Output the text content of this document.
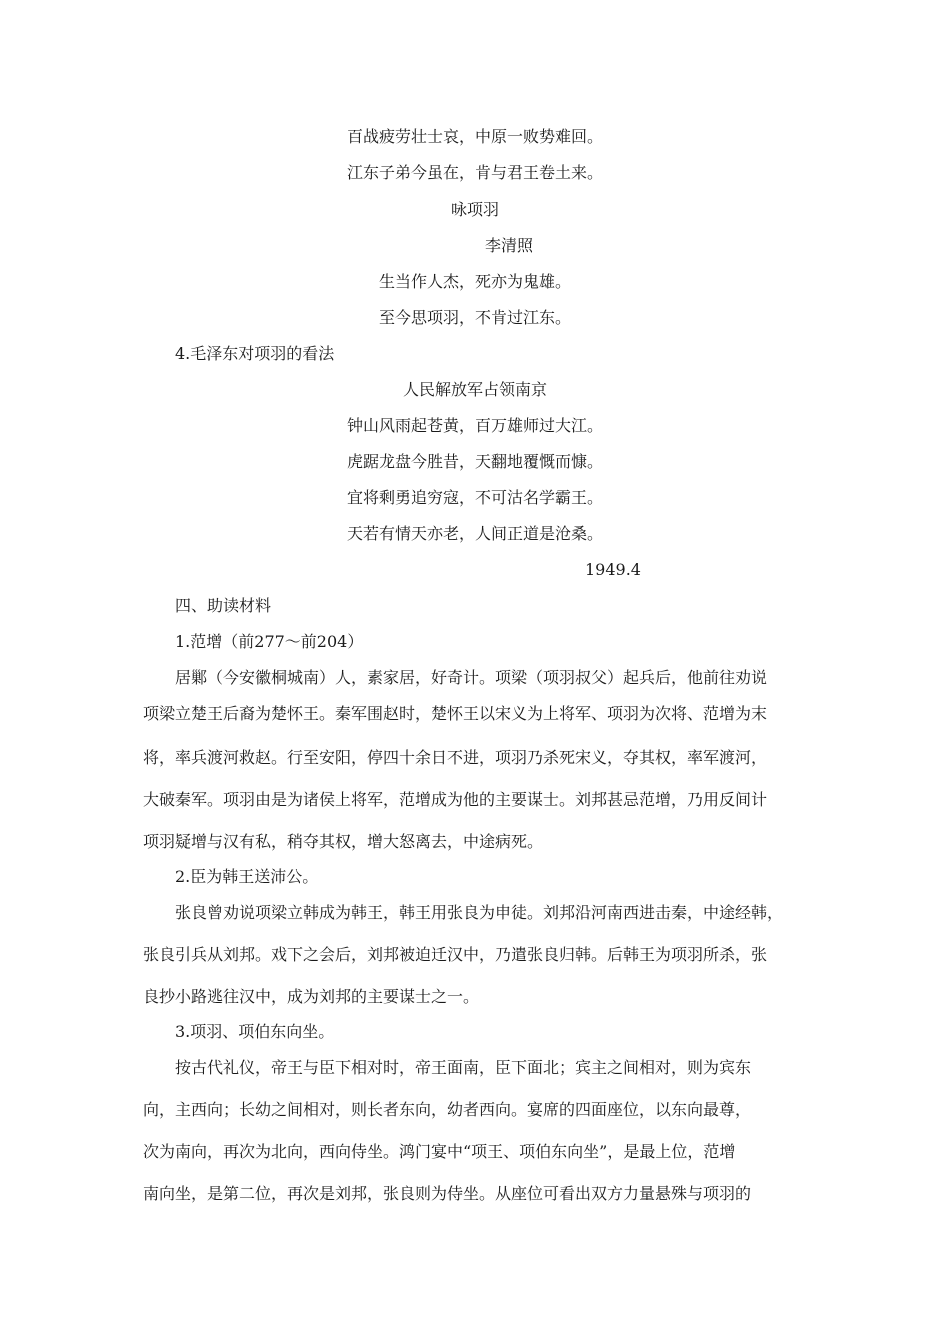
百战疲劳壮士哀，中原一败势难回。
江东子弟今虽在，肯与君王卷土来。
咏项羽
李清照
生当作人杰，死亦为鬼雄。
至今思项羽，不肯过江东。
4.毛泽东对项羽的看法
人民解放军占领南京
钟山风雨起苍黄，百万雄师过大江。
虎踞龙盘今胜昔，天翻地覆慨而慷。
宜将剩勇追穷寇，不可沽名学霸王。
天若有情天亦老，人间正道是沧桑。
1949.4
四、助读材料
1.范增（前277～前204）
居鄛（今安徽桐城南）人，素家居，好奇计。项梁（项羽叔父）起兵后，他前往劝说
项梁立楚王后裔为楚怀王。秦军围赵时，楚怀王以宋义为上将军、项羽为次将、范增为末
将，率兵渡河救赵。行至安阳，停四十余日不进，项羽乃杀死宋义，夺其权，率军渡河，
大破秦军。项羽由是为诸侯上将军，范增成为他的主要谋士。刘邦甚忌范增，乃用反间计
项羽疑增与汉有私，稍夺其权，增大怒离去，中途病死。
2.臣为韩王送沛公。
张良曾劝说项梁立韩成为韩王，韩王用张良为申徒。刘邦沿河南西进击秦，中途经韩，
张良引兵从刘邦。戏下之会后，刘邦被迫迁汉中，乃遣张良归韩。后韩王为项羽所杀，张
良抄小路逃往汉中，成为刘邦的主要谋士之一。
3.项羽、项伯东向坐。
按古代礼仪，帝王与臣下相对时，帝王面南，臣下面北；宾主之间相对，则为宾东
向，主西向；长幼之间相对，则长者东向，幼者西向。宴席的四面座位，以东向最尊，
次为南向，再次为北向，西向侍坐。鸿门宴中“项王、项伯东向坐”，是最上位，范增
南向坐，是第二位，再次是刘邦，张良则为侍坐。从座位可看出双方力量悬殊与项羽的
